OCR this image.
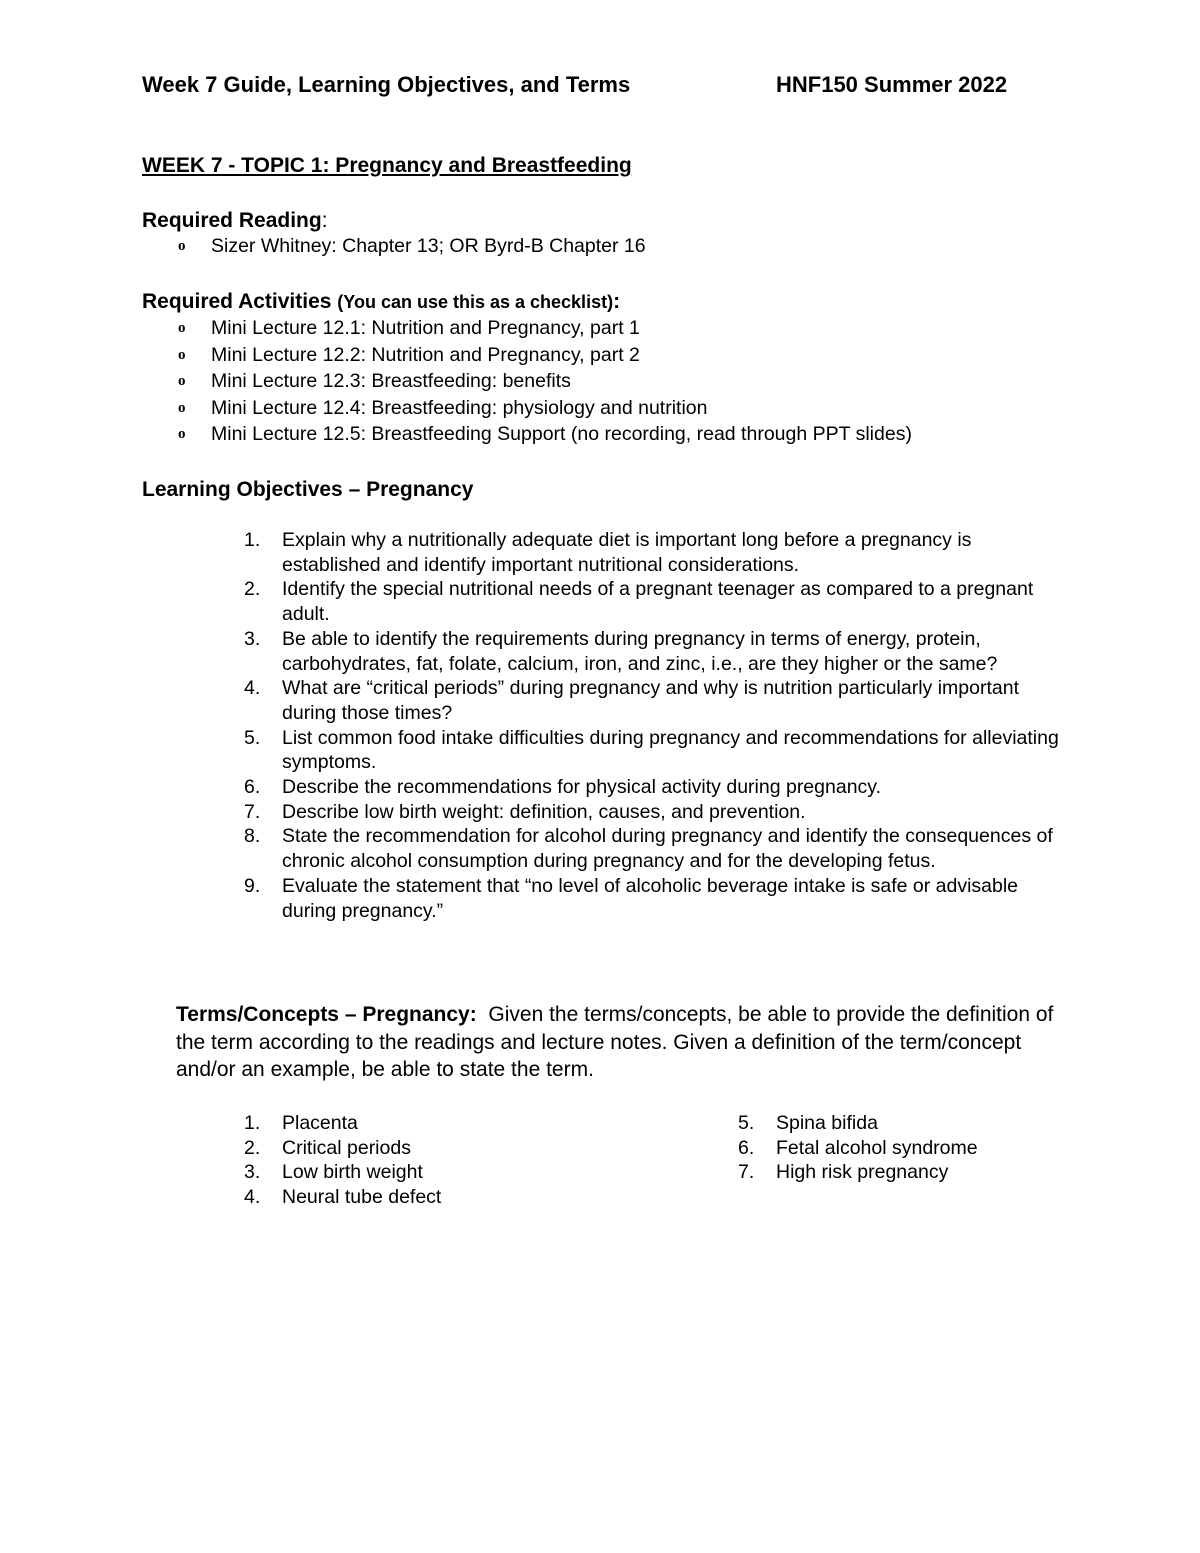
Week 7 Guide, Learning Objectives, and Terms	HNF150 Summer 2022
WEEK 7 - TOPIC 1: Pregnancy and Breastfeeding
Required Reading:
o Sizer Whitney: Chapter 13; OR Byrd-B Chapter 16
Required Activities (You can use this as a checklist):
o Mini Lecture 12.1: Nutrition and Pregnancy, part 1
o Mini Lecture 12.2: Nutrition and Pregnancy, part 2
o Mini Lecture 12.3: Breastfeeding: benefits
o Mini Lecture 12.4: Breastfeeding: physiology and nutrition
o Mini Lecture 12.5: Breastfeeding Support (no recording, read through PPT slides)
Learning Objectives – Pregnancy
1. Explain why a nutritionally adequate diet is important long before a pregnancy is established and identify important nutritional considerations.
2. Identify the special nutritional needs of a pregnant teenager as compared to a pregnant adult.
3. Be able to identify the requirements during pregnancy in terms of energy, protein, carbohydrates, fat, folate, calcium, iron, and zinc, i.e., are they higher or the same?
4. What are “critical periods” during pregnancy and why is nutrition particularly important during those times?
5. List common food intake difficulties during pregnancy and recommendations for alleviating symptoms.
6. Describe the recommendations for physical activity during pregnancy.
7. Describe low birth weight: definition, causes, and prevention.
8. State the recommendation for alcohol during pregnancy and identify the consequences of chronic alcohol consumption during pregnancy and for the developing fetus.
9. Evaluate the statement that “no level of alcoholic beverage intake is safe or advisable during pregnancy.”
Terms/Concepts – Pregnancy: Given the terms/concepts, be able to provide the definition of the term according to the readings and lecture notes. Given a definition of the term/concept and/or an example, be able to state the term.
1. Placenta
2. Critical periods
3. Low birth weight
4. Neural tube defect
5. Spina bifida
6. Fetal alcohol syndrome
7. High risk pregnancy
